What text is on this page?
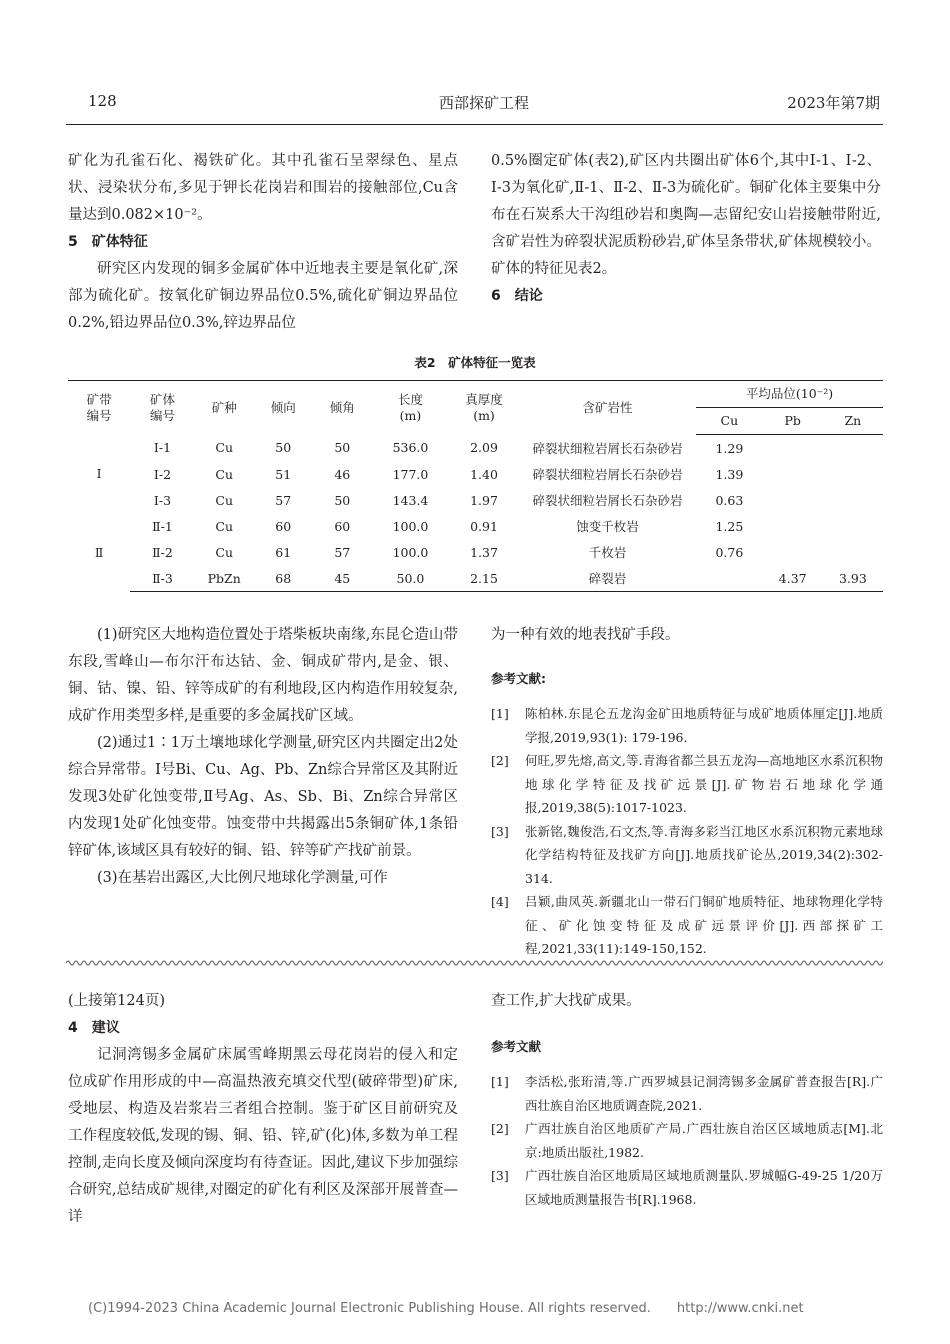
128	西部探矿工程	2023年第7期

矿化为孔雀石化、褐铁矿化。其中孔雀石呈翠绿色、星点状、浸染状分布,多见于钾长花岗岩和围岩的接触部位,Cu含量达到0.082×10⁻²。

5　矿体特征

研究区内发现的铜多金属矿体中近地表主要是氧化矿,深部为硫化矿。按氧化矿铜边界品位0.5%,硫化矿铜边界品位0.2%,铅边界品位0.3%,锌边界品位

0.5%圈定矿体(表2),矿区内共圈出矿体6个,其中Ⅰ-1、Ⅰ-2、Ⅰ-3为氧化矿,Ⅱ-1、Ⅱ-2、Ⅱ-3为硫化矿。铜矿化体主要集中分布在石炭系大干沟组砂岩和奥陶—志留纪安山岩接触带附近,含矿岩性为碎裂状泥质粉砂岩,矿体呈条带状,矿体规模较小。矿体的特征见表2。

6　结论

表2　矿体特征一览表
矿带编号	矿体编号	矿种	倾向	倾角	长度(m)	真厚度(m)	含矿岩性	平均品位(10⁻²)		
								Cu	Pb	Zn
Ⅰ	Ⅰ-1	Cu	50	50	536.0	2.09	碎裂状细粒岩屑长石杂砂岩	1.29		
	Ⅰ-2	Cu	51	46	177.0	1.40	碎裂状细粒岩屑长石杂砂岩	1.39		
	Ⅰ-3	Cu	57	50	143.4	1.97	碎裂状细粒岩屑长石杂砂岩	0.63		
Ⅱ	Ⅱ-1	Cu	60	60	100.0	0.91	蚀变千枚岩	1.25		
	Ⅱ-2	Cu	61	57	100.0	1.37	千枚岩	0.76		
	Ⅱ-3	PbZn	68	45	50.0	2.15	碎裂岩		4.37	3.93

(1)研究区大地构造位置处于塔柴板块南缘,东昆仑造山带东段,雪峰山—布尔汗布达钴、金、铜成矿带内,是金、银、铜、钴、镍、铅、锌等成矿的有利地段,区内构造作用较复杂,成矿作用类型多样,是重要的多金属找矿区域。

(2)通过1∶1万土壤地球化学测量,研究区内共圈定出2处综合异常带。Ⅰ号Bi、Cu、Ag、Pb、Zn综合异常区及其附近发现3处矿化蚀变带,Ⅱ号Ag、As、Sb、Bi、Zn综合异常区内发现1处矿化蚀变带。蚀变带中共揭露出5条铜矿体,1条铅锌矿体,该域区具有较好的铜、铅、锌等矿产找矿前景。

(3)在基岩出露区,大比例尺地球化学测量,可作

为一种有效的地表找矿手段。

参考文献:

[1]	陈柏林.东昆仑五龙沟金矿田地质特征与成矿地质体厘定[J].地质学报,2019,93(1): 179-196.
[2]	何旺,罗先熔,高文,等.青海省都兰县五龙沟—高地地区水系沉积物地球化学特征及找矿远景[J].矿物岩石地球化学通报,2019,38(5):1017-1023.
[3]	张新铭,魏俊浩,石文杰,等.青海多彩当江地区水系沉积物元素地球化学结构特征及找矿方向[J].地质找矿论丛,2019,34(2):302-314.
[4]	吕颖,曲凤英.新疆北山一带石门铜矿地质特征、地球物理化学特征、矿化蚀变特征及成矿远景评价[J].西部探矿工程,2021,33(11):149-150,152.

(上接第124页)

4　建议

记洞湾锡多金属矿床属雪峰期黑云母花岗岩的侵入和定位成矿作用形成的中—高温热液充填交代型(破碎带型)矿床,受地层、构造及岩浆岩三者组合控制。鉴于矿区目前研究及工作程度较低,发现的锡、铜、铅、锌,矿(化)体,多数为单工程控制,走向长度及倾向深度均有待查证。因此,建议下步加强综合研究,总结成矿规律,对圈定的矿化有利区及深部开展普查—详

查工作,扩大找矿成果。

参考文献

[1]	李活松,张珩清,等.广西罗城县记洞湾锡多金属矿普查报告[R].广西壮族自治区地质调查院,2021.
[2]	广西壮族自治区地质矿产局.广西壮族自治区区域地质志[M].北京:地质出版社,1982.
[3]	广西壮族自治区地质局区域地质测量队.罗城幅G-49-25 1/20万区域地质测量报告书[R].1968.
(C)1994-2023 China Academic Journal Electronic Publishing House. All rights reserved.　　http://www.cnki.net
